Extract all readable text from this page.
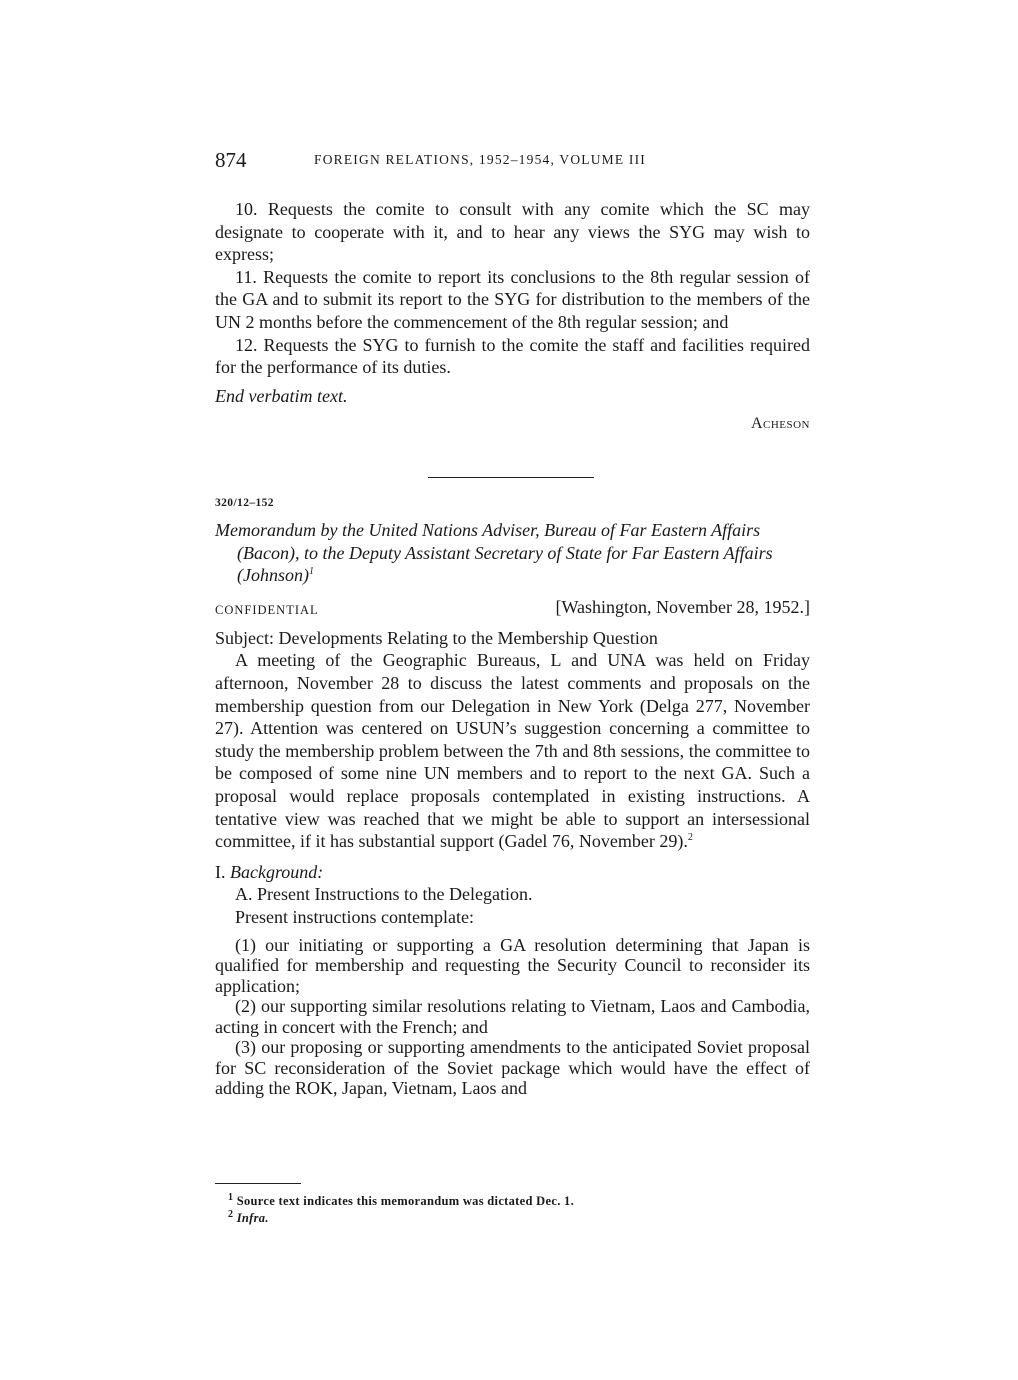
874	FOREIGN RELATIONS, 1952–1954, VOLUME III

10. Requests the comite to consult with any comite which the SC may designate to cooperate with it, and to hear any views the SYG may wish to express;

11. Requests the comite to report its conclusions to the 8th regular session of the GA and to submit its report to the SYG for distribution to the members of the UN 2 months before the commencement of the 8th regular session; and

12. Requests the SYG to furnish to the comite the staff and facilities required for the performance of its duties.

End verbatim text.

Acheson

320/12–152

Memorandum by the United Nations Adviser, Bureau of Far Eastern Affairs (Bacon), to the Deputy Assistant Secretary of State for Far Eastern Affairs (Johnson)$^1$

CONFIDENTIAL	[Washington, November 28, 1952.]

Subject: Developments Relating to the Membership Question

A meeting of the Geographic Bureaus, L and UNA was held on Friday afternoon, November 28 to discuss the latest comments and proposals on the membership question from our Delegation in New York (Delga 277, November 27). Attention was centered on USUN’s suggestion concerning a committee to study the membership problem between the 7th and 8th sessions, the committee to be composed of some nine UN members and to report to the next GA. Such a proposal would replace proposals contemplated in existing instructions. A tentative view was reached that we might be able to support an intersessional committee, if it has substantial support (Gadel 76, November 29).$^2$

I. Background:

A. Present Instructions to the Delegation.

Present instructions contemplate:

(1) our initiating or supporting a GA resolution determining that Japan is qualified for membership and requesting the Security Council to reconsider its application;

(2) our supporting similar resolutions relating to Vietnam, Laos and Cambodia, acting in concert with the French; and

(3) our proposing or supporting amendments to the anticipated Soviet proposal for SC reconsideration of the Soviet package which would have the effect of adding the ROK, Japan, Vietnam, Laos and

$^1$ Source text indicates this memorandum was dictated Dec. 1.
$^2$ Infra.
